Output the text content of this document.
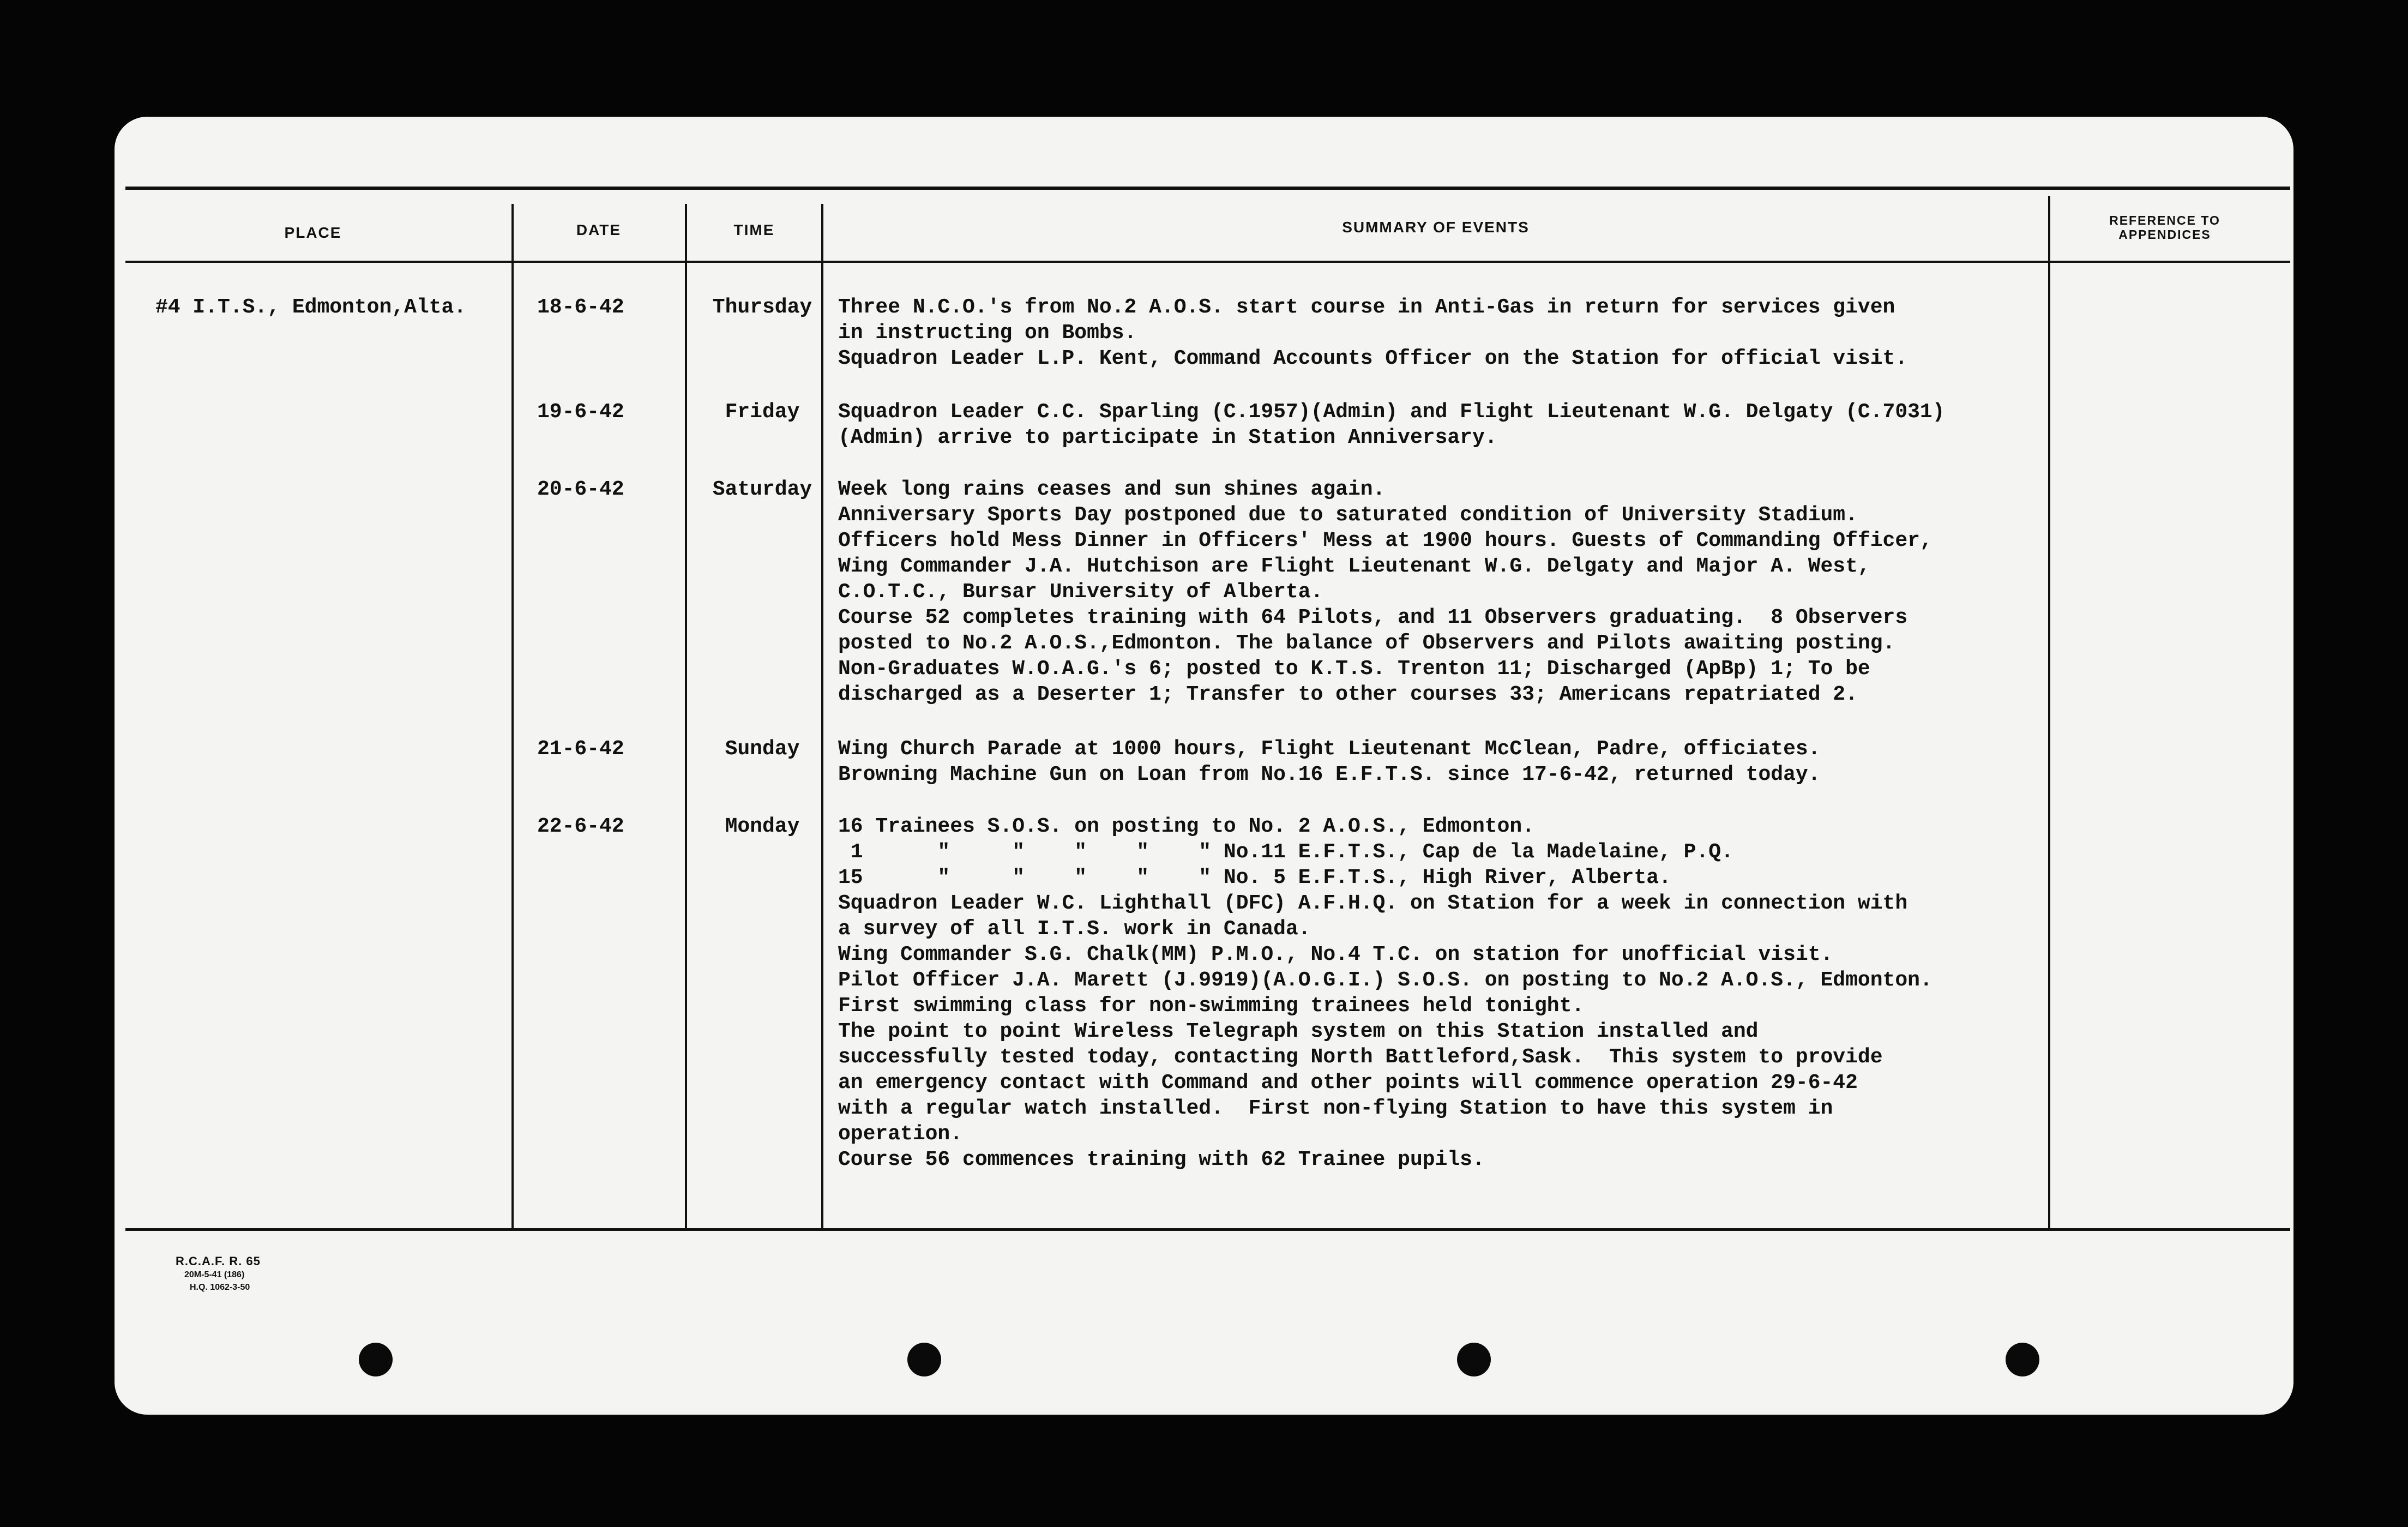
PLACE	DATE	TIME	SUMMARY OF EVENTS	REFERENCE TO APPENDICES
#4 I.T.S., Edmonton,Alta.	18-6-42	Thursday	Three N.C.O.'s from No.2 A.O.S. start course in Anti-Gas in return for services given
in instructing on Bombs.
Squadron Leader L.P. Kent, Command Accounts Officer on the Station for official visit.
19-6-42	Friday	Squadron Leader C.C. Sparling (C.1957)(Admin) and Flight Lieutenant W.G. Delgaty (C.7031)
(Admin) arrive to participate in Station Anniversary.
20-6-42	Saturday	Week long rains ceases and sun shines again.
Anniversary Sports Day postponed due to saturated condition of University Stadium.
Officers hold Mess Dinner in Officers' Mess at 1900 hours. Guests of Commanding Officer,
Wing Commander J.A. Hutchison are Flight Lieutenant W.G. Delgaty and Major A. West,
C.O.T.C., Bursar University of Alberta.
Course 52 completes training with 64 Pilots, and 11 Observers graduating.  8 Observers
posted to No.2 A.O.S.,Edmonton. The balance of Observers and Pilots awaiting posting.
Non-Graduates W.O.A.G.'s 6; posted to K.T.S. Trenton 11; Discharged (ApBp) 1; To be
discharged as a Deserter 1; Transfer to other courses 33; Americans repatriated 2.
21-6-42	Sunday	Wing Church Parade at 1000 hours, Flight Lieutenant McClean, Padre, officiates.
Browning Machine Gun on Loan from No.16 E.F.T.S. since 17-6-42, returned today.
22-6-42	Monday	16 Trainees S.O.S. on posting to No. 2 A.O.S., Edmonton.
1      "     "    "    "    " No.11 E.F.T.S., Cap de la Madelaine, P.Q.
15      "     "    "    "    " No. 5 E.F.T.S., High River, Alberta.
Squadron Leader W.C. Lighthall (DFC) A.F.H.Q. on Station for a week in connection with
a survey of all I.T.S. work in Canada.
Wing Commander S.G. Chalk(MM) P.M.O., No.4 T.C. on station for unofficial visit.
Pilot Officer J.A. Marett (J.9919)(A.O.G.I.) S.O.S. on posting to No.2 A.O.S., Edmonton.
First swimming class for non-swimming trainees held tonight.
The point to point Wireless Telegraph system on this Station installed and
successfully tested today, contacting North Battleford,Sask.  This system to provide
an emergency contact with Command and other points will commence operation 29-6-42
with a regular watch installed.  First non-flying Station to have this system in
operation.
Course 56 commences training with 62 Trainee pupils.
R.C.A.F. R. 65
20M-5-41 (186)
H.Q. 1062-3-50
